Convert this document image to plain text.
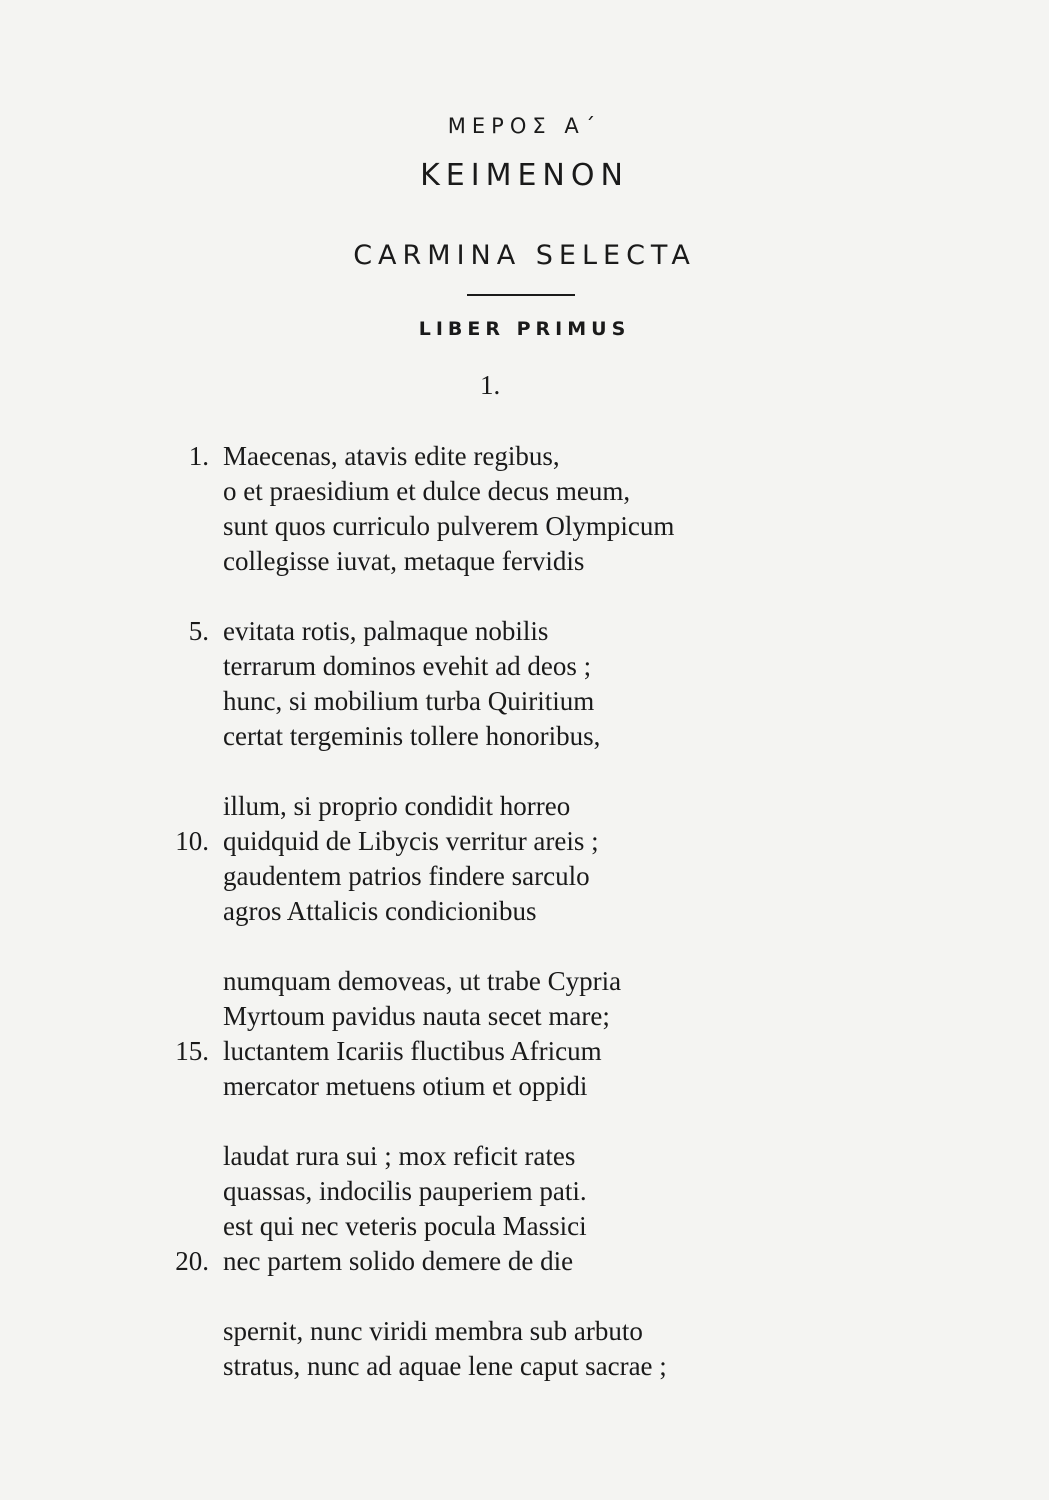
ΜΕΡΟΣ Α΄
ΚΕΙΜΕΝΟΝ
CARMINA SELECTA
LIBER PRIMUS
1.
1. Maecenas, atavis edite regibus,
o et praesidium et dulce decus meum,
sunt quos curriculo pulverem Olympicum
collegisse iuvat, metaque fervidis
5. evitata rotis, palmaque nobilis
terrarum dominos evehit ad deos ;
hunc, si mobilium turba Quiritium
certat tergeminis tollere honoribus,
illum, si proprio condidit horreo
10. quidquid de Libycis verritur areis ;
gaudentem patrios findere sarculo
agros Attalicis condicionibus
numquam demoveas, ut trabe Cypria
Myrtoum pavidus nauta secet mare;
15. luctantem Icariis fluctibus Africum
mercator metuens otium et oppidi
laudat rura sui ; mox reficit rates
quassas, indocilis pauperiem pati.
est qui nec veteris pocula Massici
20. nec partem solido demere de die
spernit, nunc viridi membra sub arbuto
stratus, nunc ad aquae lene caput sacrae ;
